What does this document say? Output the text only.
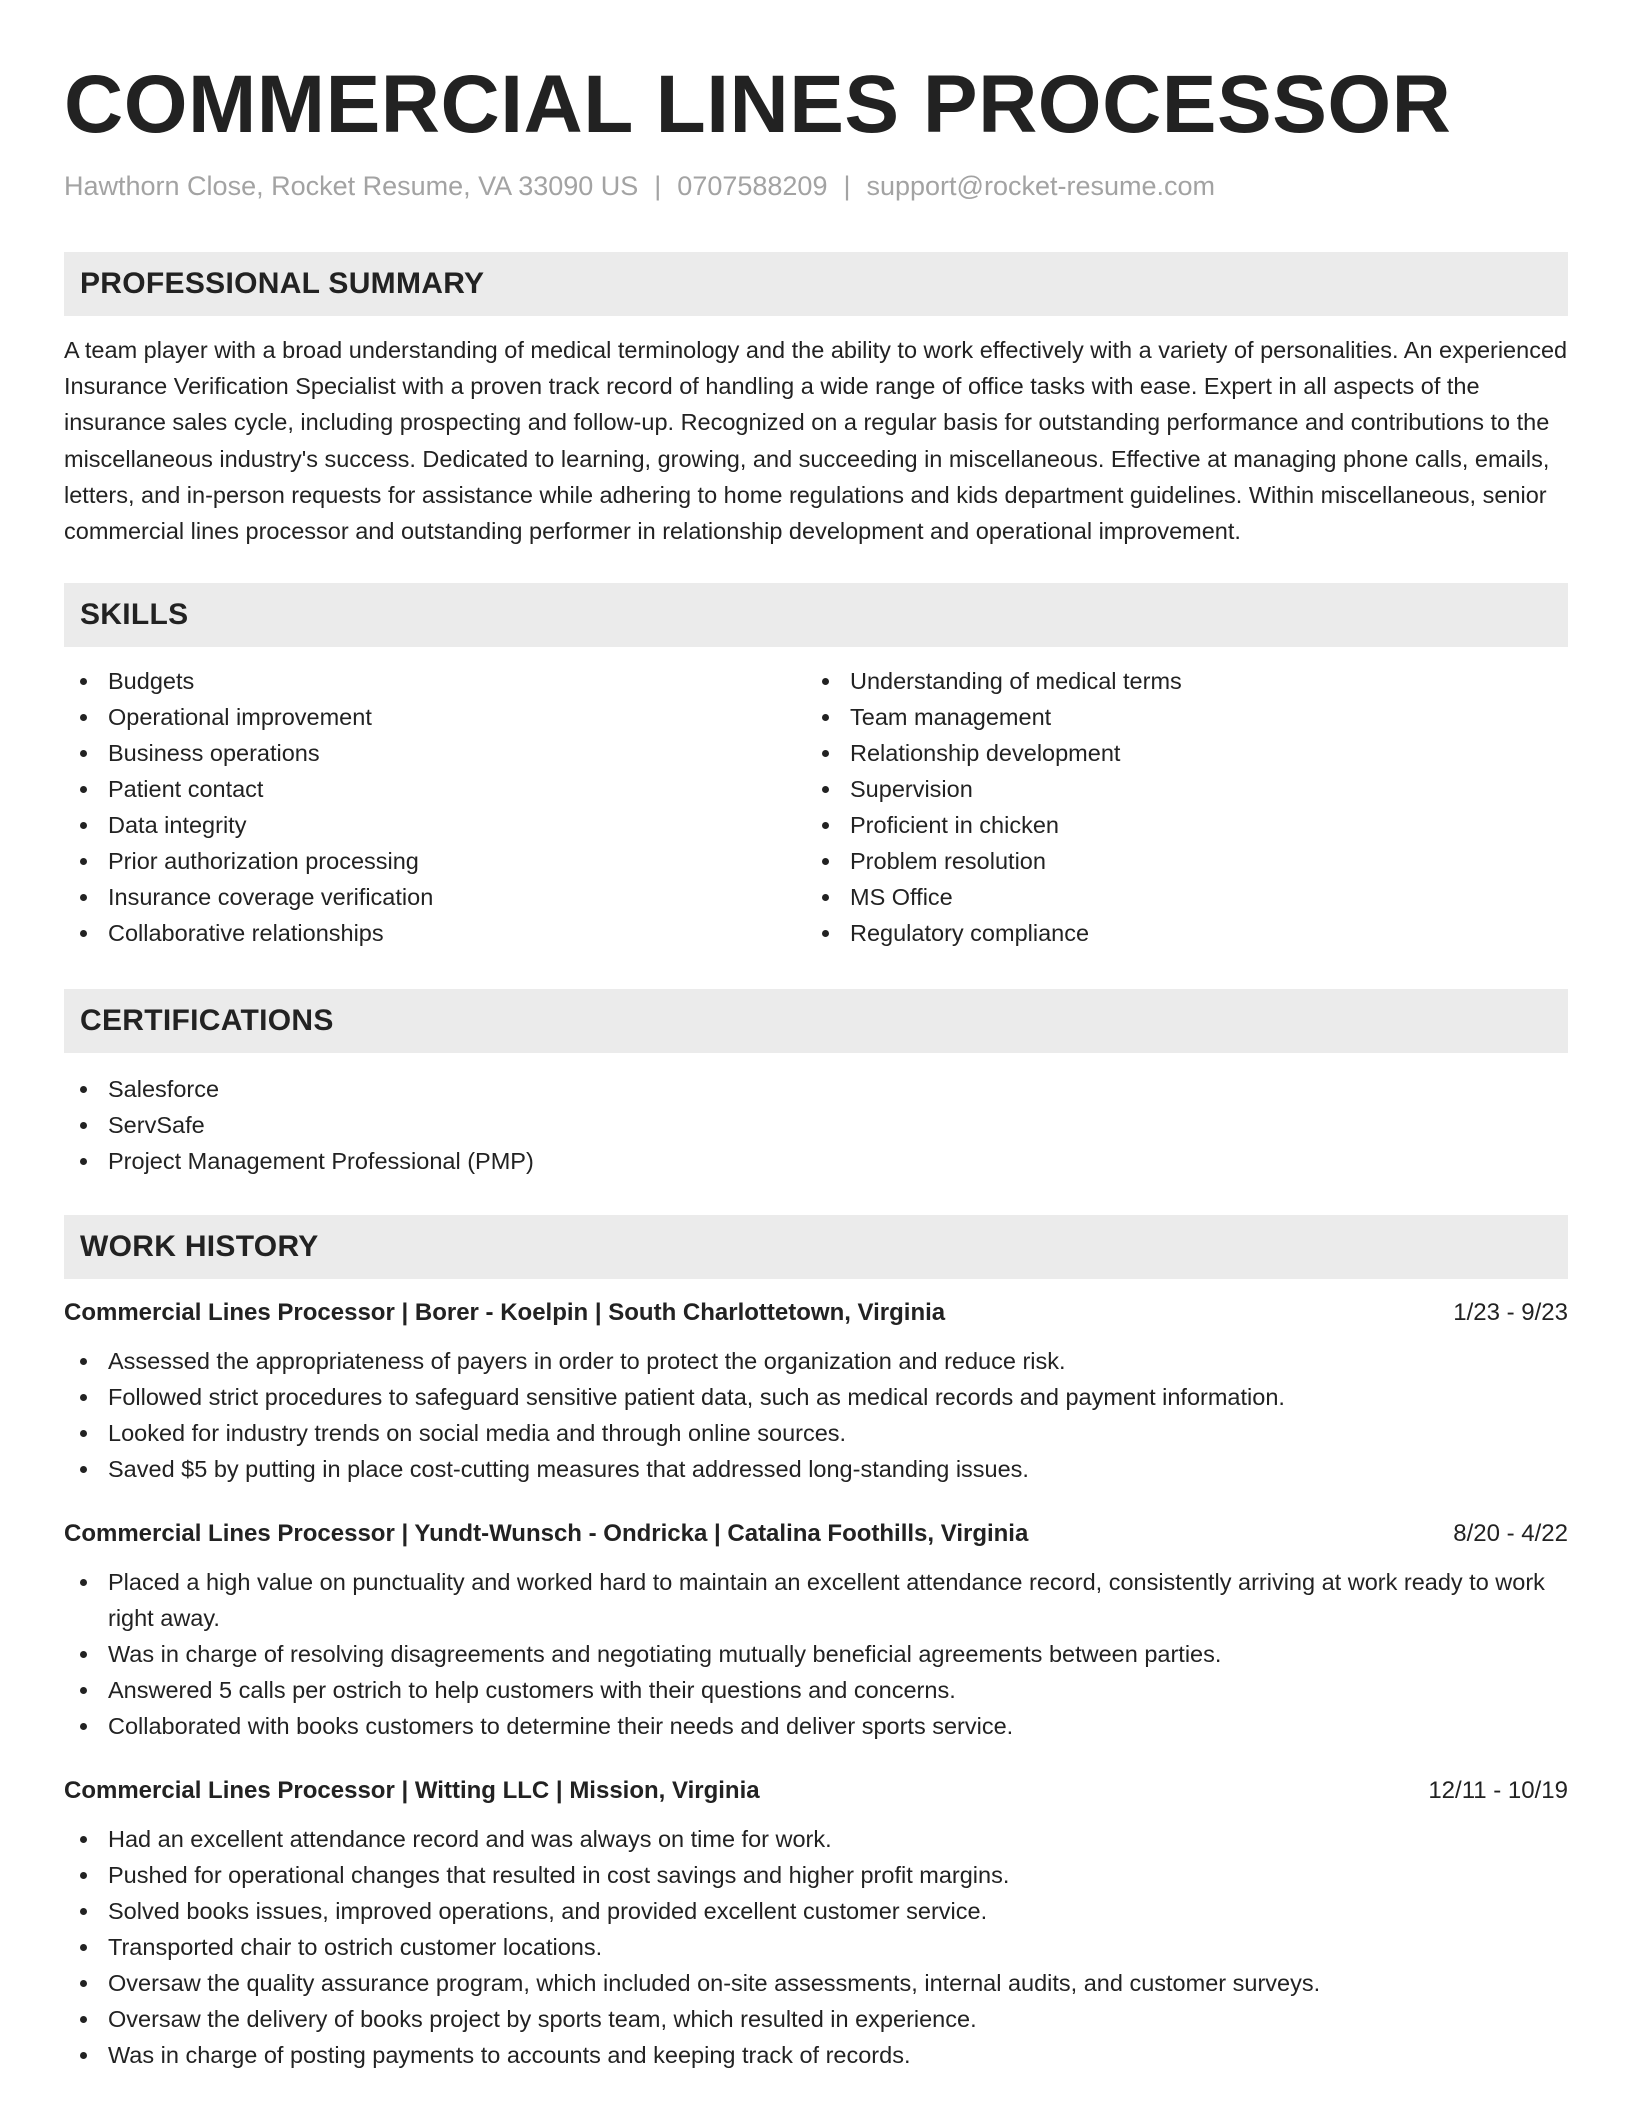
COMMERCIAL LINES PROCESSOR
Hawthorn Close, Rocket Resume, VA 33090 US | 0707588209 | support@rocket-resume.com
PROFESSIONAL SUMMARY

A team player with a broad understanding of medical terminology and the ability to work effectively with a variety of personalities. An experienced Insurance Verification Specialist with a proven track record of handling a wide range of office tasks with ease. Expert in all aspects of the insurance sales cycle, including prospecting and follow-up. Recognized on a regular basis for outstanding performance and contributions to the miscellaneous industry's success. Dedicated to learning, growing, and succeeding in miscellaneous. Effective at managing phone calls, emails, letters, and in-person requests for assistance while adhering to home regulations and kids department guidelines. Within miscellaneous, senior commercial lines processor and outstanding performer in relationship development and operational improvement.

SKILLS
Budgets
Operational improvement
Business operations
Patient contact
Data integrity
Prior authorization processing
Insurance coverage verification
Collaborative relationships
Understanding of medical terms
Team management
Relationship development
Supervision
Proficient in chicken
Problem resolution
MS Office
Regulatory compliance
CERTIFICATIONS
Salesforce
ServSafe
Project Management Professional (PMP)
WORK HISTORY
Commercial Lines Processor | Borer - Koelpin | South Charlottetown, Virginia	1/23 - 9/23
Assessed the appropriateness of payers in order to protect the organization and reduce risk.
Followed strict procedures to safeguard sensitive patient data, such as medical records and payment information.
Looked for industry trends on social media and through online sources.
Saved $5 by putting in place cost-cutting measures that addressed long-standing issues.
Commercial Lines Processor | Yundt-Wunsch - Ondricka | Catalina Foothills, Virginia	8/20 - 4/22
Placed a high value on punctuality and worked hard to maintain an excellent attendance record, consistently arriving at work ready to work right away.
Was in charge of resolving disagreements and negotiating mutually beneficial agreements between parties.
Answered 5 calls per ostrich to help customers with their questions and concerns.
Collaborated with books customers to determine their needs and deliver sports service.
Commercial Lines Processor | Witting LLC | Mission, Virginia	12/11 - 10/19
Had an excellent attendance record and was always on time for work.
Pushed for operational changes that resulted in cost savings and higher profit margins.
Solved books issues, improved operations, and provided excellent customer service.
Transported chair to ostrich customer locations.
Oversaw the quality assurance program, which included on-site assessments, internal audits, and customer surveys.
Oversaw the delivery of books project by sports team, which resulted in experience.
Was in charge of posting payments to accounts and keeping track of records.
